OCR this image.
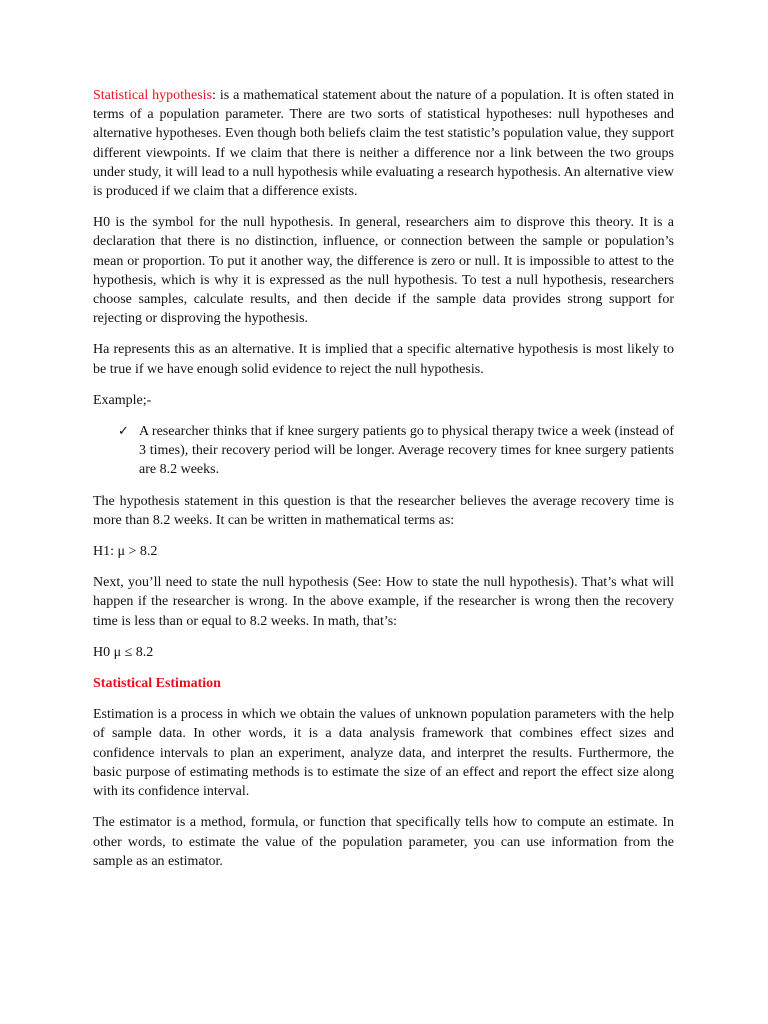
Statistical hypothesis: is a mathematical statement about the nature of a population. It is often stated in terms of a population parameter. There are two sorts of statistical hypotheses: null hypotheses and alternative hypotheses. Even though both beliefs claim the test statistic’s population value, they support different viewpoints. If we claim that there is neither a difference nor a link between the two groups under study, it will lead to a null hypothesis while evaluating a research hypothesis. An alternative view is produced if we claim that a difference exists.

H0 is the symbol for the null hypothesis. In general, researchers aim to disprove this theory. It is a declaration that there is no distinction, influence, or connection between the sample or population’s mean or proportion. To put it another way, the difference is zero or null. It is impossible to attest to the hypothesis, which is why it is expressed as the null hypothesis. To test a null hypothesis, researchers choose samples, calculate results, and then decide if the sample data provides strong support for rejecting or disproving the hypothesis.

Ha represents this as an alternative. It is implied that a specific alternative hypothesis is most likely to be true if we have enough solid evidence to reject the null hypothesis.

Example;-

✓ A researcher thinks that if knee surgery patients go to physical therapy twice a week (instead of 3 times), their recovery period will be longer. Average recovery times for knee surgery patients are 8.2 weeks.

The hypothesis statement in this question is that the researcher believes the average recovery time is more than 8.2 weeks. It can be written in mathematical terms as:

H1: μ > 8.2

Next, you’ll need to state the null hypothesis (See: How to state the null hypothesis). That’s what will happen if the researcher is wrong. In the above example, if the researcher is wrong then the recovery time is less than or equal to 8.2 weeks. In math, that’s:

H0 μ ≤ 8.2

Statistical Estimation

Estimation is a process in which we obtain the values of unknown population parameters with the help of sample data. In other words, it is a data analysis framework that combines effect sizes and confidence intervals to plan an experiment, analyze data, and interpret the results. Furthermore, the basic purpose of estimating methods is to estimate the size of an effect and report the effect size along with its confidence interval.

The estimator is a method, formula, or function that specifically tells how to compute an estimate. In other words, to estimate the value of the population parameter, you can use information from the sample as an estimator.
